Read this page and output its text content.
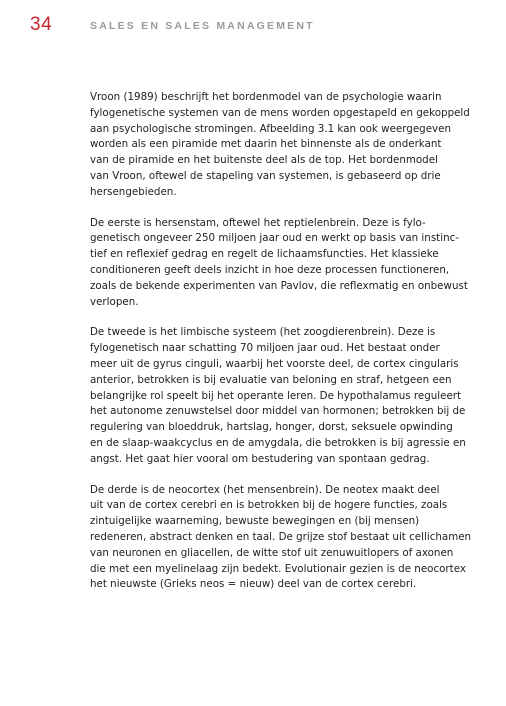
34	SALES EN SALES MANAGEMENT

Vroon (1989) beschrijft het bordenmodel van de psychologie waarin
fylogenetische systemen van de mens worden opgestapeld en gekoppeld
aan psychologische stromingen. Afbeelding 3.1 kan ook weergegeven
worden als een piramide met daarin het binnenste als de onderkant
van de piramide en het buitenste deel als de top. Het bordenmodel
van Vroon, oftewel de stapeling van systemen, is gebaseerd op drie
hersengebieden.

De eerste is hersenstam, oftewel het reptielenbrein. Deze is fylo-
genetisch ongeveer 250 miljoen jaar oud en werkt op basis van instinc-
tief en reflexief gedrag en regelt de lichaamsfuncties. Het klassieke
conditioneren geeft deels inzicht in hoe deze processen functioneren,
zoals de bekende experimenten van Pavlov, die reflexmatig en onbewust
verlopen.

De tweede is het limbische systeem (het zoogdierenbrein). Deze is
fylogenetisch naar schatting 70 miljoen jaar oud. Het bestaat onder
meer uit de gyrus cinguli, waarbij het voorste deel, de cortex cingularis
anterior, betrokken is bij evaluatie van beloning en straf, hetgeen een
belangrijke rol speelt bij het operante leren. De hypothalamus reguleert
het autonome zenuwstelsel door middel van hormonen; betrokken bij de
regulering van bloeddruk, hartslag, honger, dorst, seksuele opwinding
en de slaap-waakcyclus en de amygdala, die betrokken is bij agressie en
angst. Het gaat hier vooral om bestudering van spontaan gedrag.

De derde is de neocortex (het mensenbrein). De neotex maakt deel
uit van de cortex cerebri en is betrokken bij de hogere functies, zoals
zintuigelijke waarneming, bewuste bewegingen en (bij mensen)
redeneren, abstract denken en taal. De grijze stof bestaat uit cellichamen
van neuronen en gliacellen, de witte stof uit zenuwuitlopers of axonen
die met een myelinelaag zijn bedekt. Evolutionair gezien is de neocortex
het nieuwste (Grieks neos = nieuw) deel van de cortex cerebri.
